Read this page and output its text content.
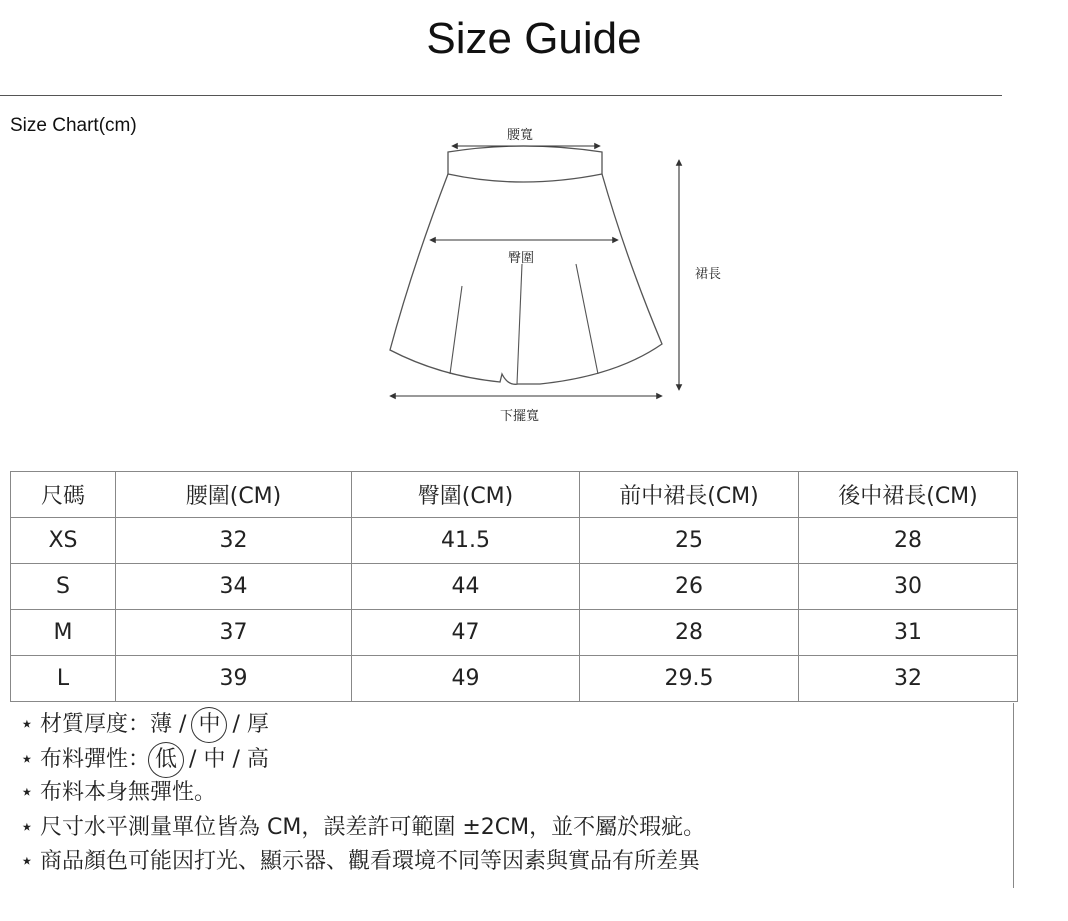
Size Guide
Size Chart(cm)	腰寬
臀圍
裙長
下擺寬
尺碼	腰圍(CM)	臀圍(CM)	前中裙長(CM)	後中裙長(CM)
XS	32	41.5	25	28
S	34	44	26	30
M	37	47	28	31
L	39	49	29.5	32
⋆ 材質厚度：薄 / 中 / 厚
⋆ 布料彈性： 低 / 中 / 高
⋆ 布料本身無彈性。
⋆ 尺寸水平測量單位皆為 CM，誤差許可範圍 ±2CM，並不屬於瑕疵。
⋆ 商品顏色可能因打光、顯示器、觀看環境不同等因素與實品有所差異
